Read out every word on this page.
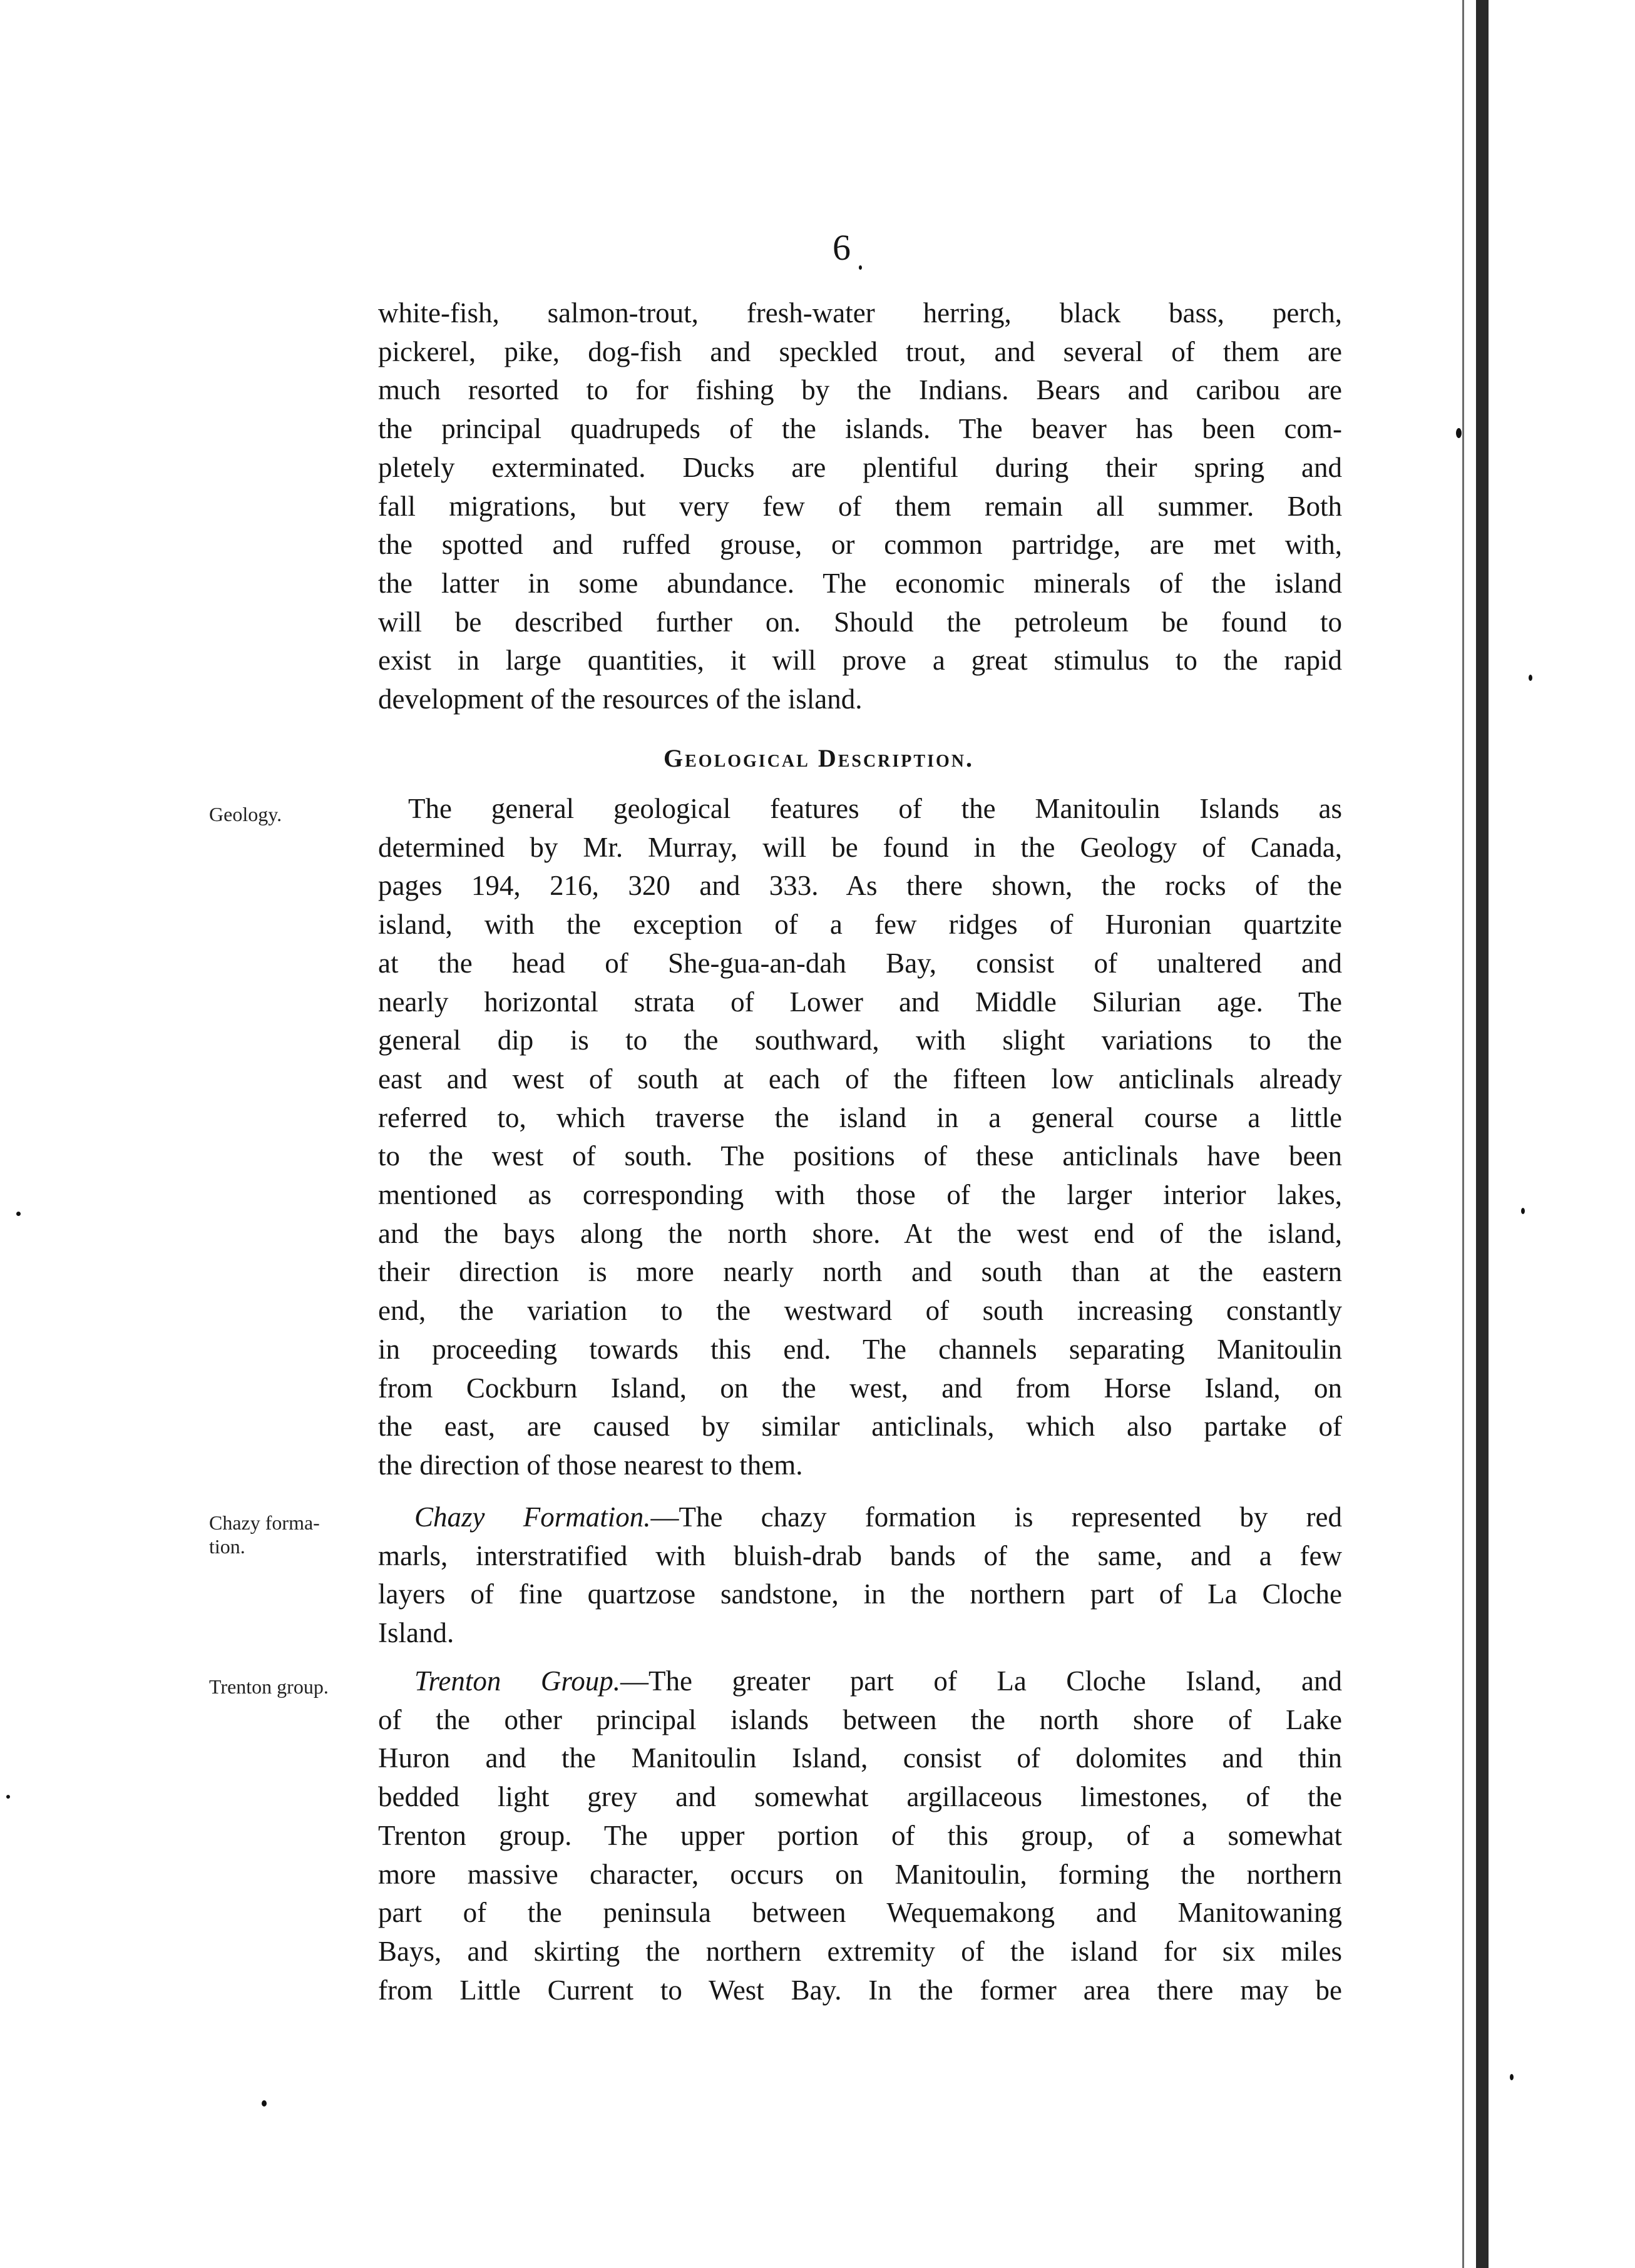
6
white-fish, salmon-trout, fresh-water herring, black bass, perch,
pickerel, pike, dog-fish and speckled trout, and several of them are
much resorted to for fishing by the Indians. Bears and caribou are
the principal quadrupeds of the islands. The beaver has been com-
pletely exterminated. Ducks are plentiful during their spring and
fall migrations, but very few of them remain all summer. Both
the spotted and ruffed grouse, or common partridge, are met with,
the latter in some abundance. The economic minerals of the island
will be described further on. Should the petroleum be found to
exist in large quantities, it will prove a great stimulus to the rapid
development of the resources of the island.
Geological Description.
Geology.	The general geological features of the Manitoulin Islands as
determined by Mr. Murray, will be found in the Geology of Canada,
pages 194, 216, 320 and 333. As there shown, the rocks of the
island, with the exception of a few ridges of Huronian quartzite
at the head of She-gua-an-dah Bay, consist of unaltered and
nearly horizontal strata of Lower and Middle Silurian age. The
general dip is to the southward, with slight variations to the
east and west of south at each of the fifteen low anticlinals already
referred to, which traverse the island in a general course a little
to the west of south. The positions of these anticlinals have been
mentioned as corresponding with those of the larger interior lakes,
and the bays along the north shore. At the west end of the island,
their direction is more nearly north and south than at the eastern
end, the variation to the westward of south increasing constantly
in proceeding towards this end. The channels separating Manitoulin
from Cockburn Island, on the west, and from Horse Island, on
the east, are caused by similar anticlinals, which also partake of
the direction of those nearest to them.
Chazy forma-
tion.
Chazy Formation.—The chazy formation is represented by red
marls, interstratified with bluish-drab bands of the same, and a few
layers of fine quartzose sandstone, in the northern part of La Cloche
Island.
Trenton group.	Trenton Group.—The greater part of La Cloche Island, and
of the other principal islands between the north shore of Lake
Huron and the Manitoulin Island, consist of dolomites and thin
bedded light grey and somewhat argillaceous limestones, of the
Trenton group. The upper portion of this group, of a somewhat
more massive character, occurs on Manitoulin, forming the northern
part of the peninsula between Wequemakong and Manitowaning
Bays, and skirting the northern extremity of the island for six miles
from Little Current to West Bay. In the former area there may be
